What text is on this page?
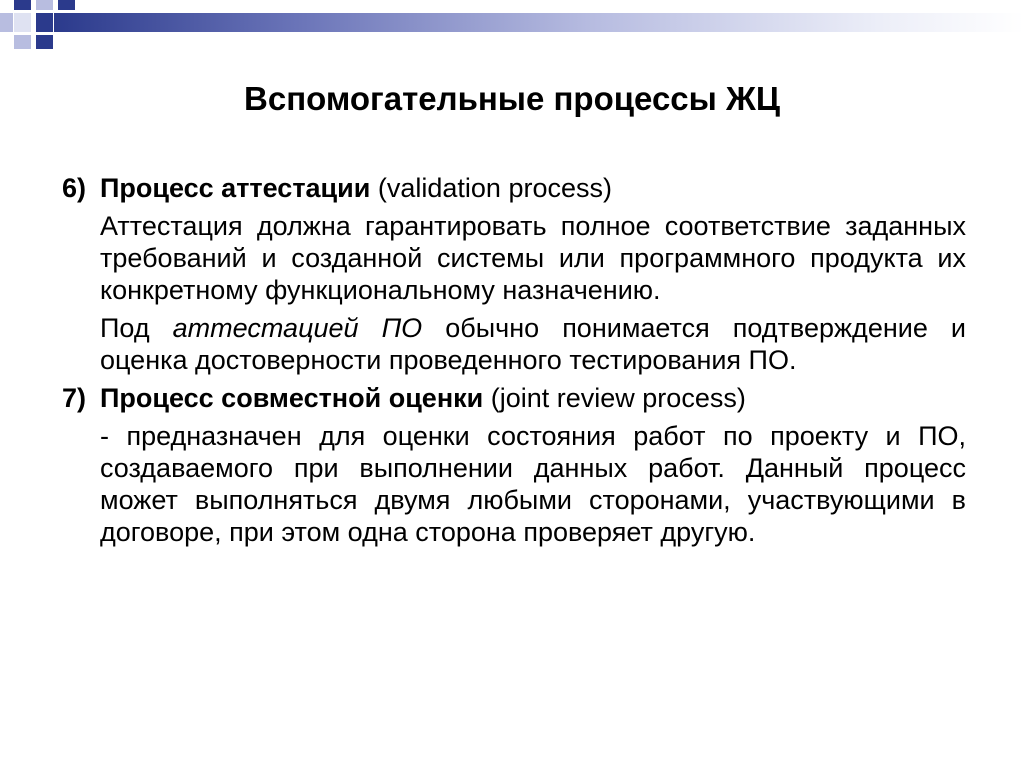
Вспомогательные процессы ЖЦ

6) Процесс аттестации (validation process)

Аттестация должна гарантировать полное соответствие заданных требований и созданной системы или программного продукта их конкретному функциональному назначению.

Под аттестацией ПО обычно понимается подтверждение и оценка достоверности проведенного тестирования ПО.

7) Процесс совместной оценки (joint review process)

- предназначен для оценки состояния работ по проекту и ПО, создаваемого при выполнении данных работ. Данный процесс может выполняться двумя любыми сторонами, участвующими в договоре, при этом одна сторона проверяет другую.
